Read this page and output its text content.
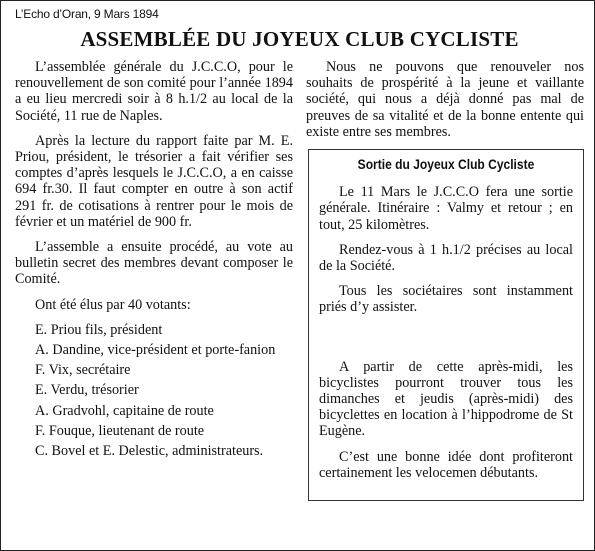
L’Echo d’Oran, 9 Mars 1894
ASSEMBLÉE DU JOYEUX CLUB CYCLISTE

L’assemblée générale du J.C.C.O, pour le renouvellement de son comité pour l’année 1894 a eu lieu mercredi soir à 8 h.1/2 au local de la Société, 11 rue de Naples.

Après la lecture du rapport faite par M. E. Priou, président, le trésorier a fait vérifier ses comptes d’après lesquels le J.C.C.O, a en caisse 694 fr.30. Il faut compter en outre à son actif 291 fr. de cotisations à rentrer pour le mois de février et un matériel de 900 fr.

L’assemble a ensuite procédé, au vote au bulletin secret des membres devant composer le Comité.

Ont été élus par 40 votants:

E. Priou fils, président
A. Dandine, vice-président et porte-fanion
F. Vix, secrétaire
E. Verdu, trésorier
A. Gradvohl, capitaine de route
F. Fouque, lieutenant de route
C. Bovel et E. Delestic, administrateurs.

Nous ne pouvons que renouveler nos souhaits de prospérité à la jeune et vaillante société, qui nous a déjà donné pas mal de preuves de sa vitalité et de la bonne entente qui existe entre ses membres.

Sortie du Joyeux Club Cycliste

Le 11 Mars le J.C.C.O fera une sortie générale. Itinéraire : Valmy et retour ; en tout, 25 kilomètres.

Rendez-vous à 1 h.1/2 précises au local de la Société.

Tous les sociétaires sont instamment priés d’y assister.

A partir de cette après-midi, les bicyclistes pourront trouver tous les dimanches et jeudis (après-midi) des bicyclettes en location à l’hippodrome de St Eugène.

C’est une bonne idée dont profiteront certainement les velocemen débutants.
